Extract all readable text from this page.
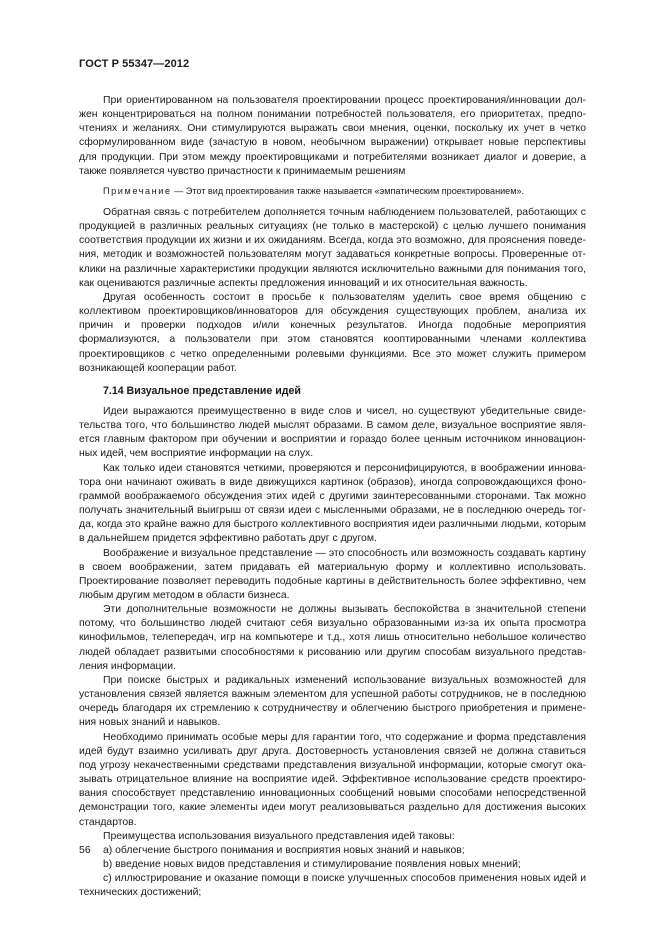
ГОСТ Р 55347—2012

При ориентированном на пользователя проектировании процесс проектирования/инновации должен концентрироваться на полном понимании потребностей пользователя, его приоритетах, предпочтениях и желаниях. Они стимулируются выражать свои мнения, оценки, поскольку их учет в четко сформулированном виде (зачастую в новом, необычном выражении) открывает новые перспективы для продукции. При этом между проектировщиками и потребителями возникает диалог и доверие, а также появляется чувство причастности к принимаемым решениям

Примечание — Этот вид проектирования также называется «эмпатическим проектированием».

Обратная связь с потребителем дополняется точным наблюдением пользователей, работающих с продукцией в различных реальных ситуациях (не только в мастерской) с целью лучшего понимания соответствия продукции их жизни и их ожиданиям. Всегда, когда это возможно, для прояснения поведения, методик и возможностей пользователям могут задаваться конкретные вопросы. Проверенные отклики на различные характеристики продукции являются исключительно важными для понимания того, как оцениваются различные аспекты предложения инноваций и их относительная важность.

Другая особенность состоит в просьбе к пользователям уделить свое время общению с коллективом проектировщиков/инноваторов для обсуждения существующих проблем, анализа их причин и проверки подходов и/или конечных результатов. Иногда подобные мероприятия формализуются, а пользователи при этом становятся кооптированными членами коллектива проектировщиков с четко определенными ролевыми функциями. Все это может служить примером возникающей кооперации работ.

7.14 Визуальное представление идей

Идеи выражаются преимущественно в виде слов и чисел, но существуют убедительные свидетельства того, что большинство людей мыслят образами. В самом деле, визуальное восприятие является главным фактором при обучении и восприятии и гораздо более ценным источником инновационных идей, чем восприятие информации на слух.

Как только идеи становятся четкими, проверяются и персонифицируются, в воображении инноватора они начинают оживать в виде движущихся картинок (образов), иногда сопровождающихся фонограммой воображаемого обсуждения этих идей с другими заинтересованными сторонами. Так можно получать значительный выигрыш от связи идеи с мысленными образами, не в последнюю очередь тогда, когда это крайне важно для быстрого коллективного восприятия идеи различными людьми, которым в дальнейшем придется эффективно работать друг с другом.

Воображение и визуальное представление — это способность или возможность создавать картину в своем воображении, затем придавать ей материальную форму и коллективно использовать. Проектирование позволяет переводить подобные картины в действительность более эффективно, чем любым другим методом в области бизнеса.

Эти дополнительные возможности не должны вызывать беспокойства в значительной степени потому, что большинство людей считают себя визуально образованными из-за их опыта просмотра кинофильмов, телепередач, игр на компьютере и т.д., хотя лишь относительно небольшое количество людей обладает развитыми способностями к рисованию или другим способам визуального представления информации.

При поиске быстрых и радикальных изменений использование визуальных возможностей для установления связей является важным элементом для успешной работы сотрудников, не в последнюю очередь благодаря их стремлению к сотрудничеству и облегчению быстрого приобретения и применения новых знаний и навыков.

Необходимо принимать особые меры для гарантии того, что содержание и форма представления идей будут взаимно усиливать друг друга. Достоверность установления связей не должна ставиться под угрозу некачественными средствами представления визуальной информации, которые смогут оказывать отрицательное влияние на восприятие идей. Эффективное использование средств проектирования способствует представлению инновационных сообщений новыми способами непосредственной демонстрации того, какие элементы идеи могут реализовываться раздельно для достижения высоких стандартов.

Преимущества использования визуального представления идей таковы:

a) облегчение быстрого понимания и восприятия новых знаний и навыков;

b) введение новых видов представления и стимулирование появления новых мнений;

c) иллюстрирование и оказание помощи в поиске улучшенных способов применения новых идей и технических достижений;

56
